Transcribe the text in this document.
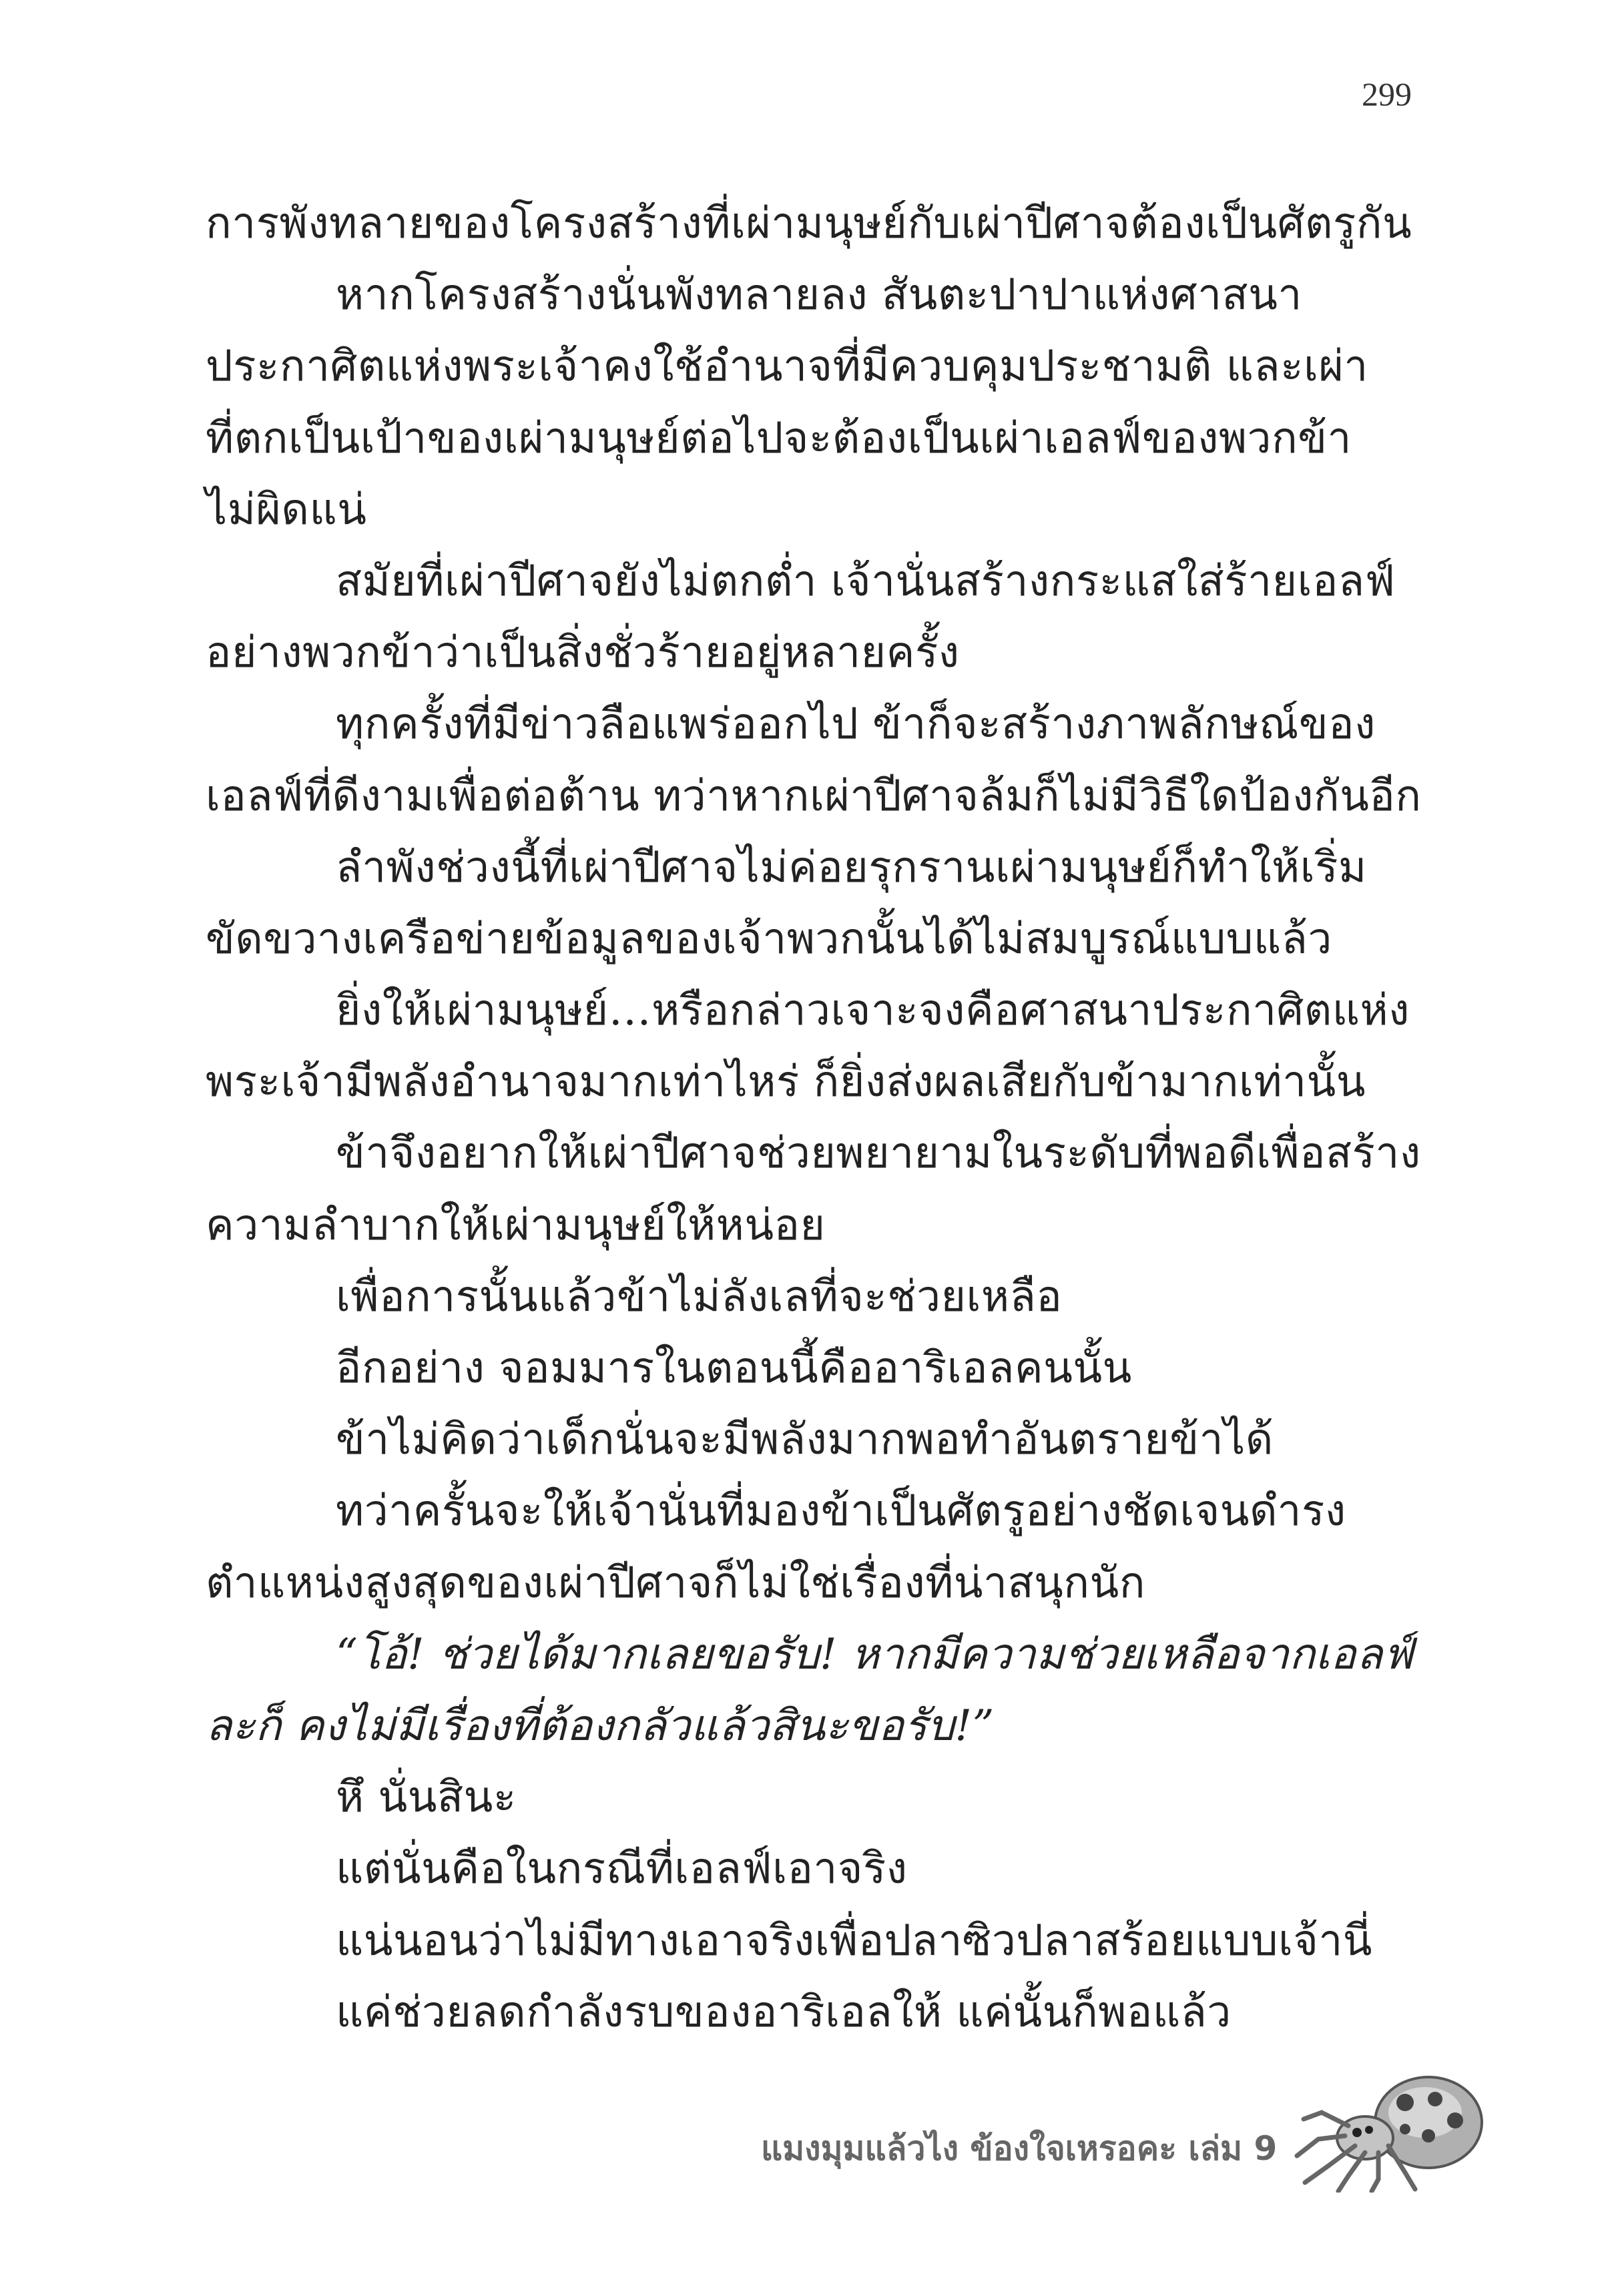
299
การพังทลายของโครงสร้างที่เผ่ามนุษย์กับเผ่าปีศาจต้องเป็นศัตรูกัน
หากโครงสร้างนั่นพังทลายลง สันตะปาปาแห่งศาสนา
ประกาศิตแห่งพระเจ้าคงใช้อำนาจที่มีควบคุมประชามติ และเผ่า
ที่ตกเป็นเป้าของเผ่ามนุษย์ต่อไปจะต้องเป็นเผ่าเอลฟ์ของพวกข้า
ไม่ผิดแน่
สมัยที่เผ่าปีศาจยังไม่ตกต่ำ เจ้านั่นสร้างกระแสใส่ร้ายเอลฟ์
อย่างพวกข้าว่าเป็นสิ่งชั่วร้ายอยู่หลายครั้ง
ทุกครั้งที่มีข่าวลือแพร่ออกไป ข้าก็จะสร้างภาพลักษณ์ของ
เอลฟ์ที่ดีงามเพื่อต่อต้าน ทว่าหากเผ่าปีศาจล้มก็ไม่มีวิธีใดป้องกันอีก
ลำพังช่วงนี้ที่เผ่าปีศาจไม่ค่อยรุกรานเผ่ามนุษย์ก็ทำให้เริ่ม
ขัดขวางเครือข่ายข้อมูลของเจ้าพวกนั้นได้ไม่สมบูรณ์แบบแล้ว
ยิ่งให้เผ่ามนุษย์…หรือกล่าวเจาะจงคือศาสนาประกาศิตแห่ง
พระเจ้ามีพลังอำนาจมากเท่าไหร่ ก็ยิ่งส่งผลเสียกับข้ามากเท่านั้น
ข้าจึงอยากให้เผ่าปีศาจช่วยพยายามในระดับที่พอดีเพื่อสร้าง
ความลำบากให้เผ่ามนุษย์ให้หน่อย
เพื่อการนั้นแล้วข้าไม่ลังเลที่จะช่วยเหลือ
อีกอย่าง จอมมารในตอนนี้คืออาริเอลคนนั้น
ข้าไม่คิดว่าเด็กนั่นจะมีพลังมากพอทำอันตรายข้าได้
ทว่าครั้นจะให้เจ้านั่นที่มองข้าเป็นศัตรูอย่างชัดเจนดำรง
ตำแหน่งสูงสุดของเผ่าปีศาจก็ไม่ใช่เรื่องที่น่าสนุกนัก
“โอ้! ช่วยได้มากเลยขอรับ! หากมีความช่วยเหลือจากเอลฟ์
ละก็ คงไม่มีเรื่องที่ต้องกลัวแล้วสินะขอรับ!”
หึ นั่นสินะ
แต่นั่นคือในกรณีที่เอลฟ์เอาจริง
แน่นอนว่าไม่มีทางเอาจริงเพื่อปลาซิวปลาสร้อยแบบเจ้านี่
แค่ช่วยลดกำลังรบของอาริเอลให้ แค่นั้นก็พอแล้ว
แมงมุมแล้วไง ข้องใจเหรอคะ เล่ม 9
